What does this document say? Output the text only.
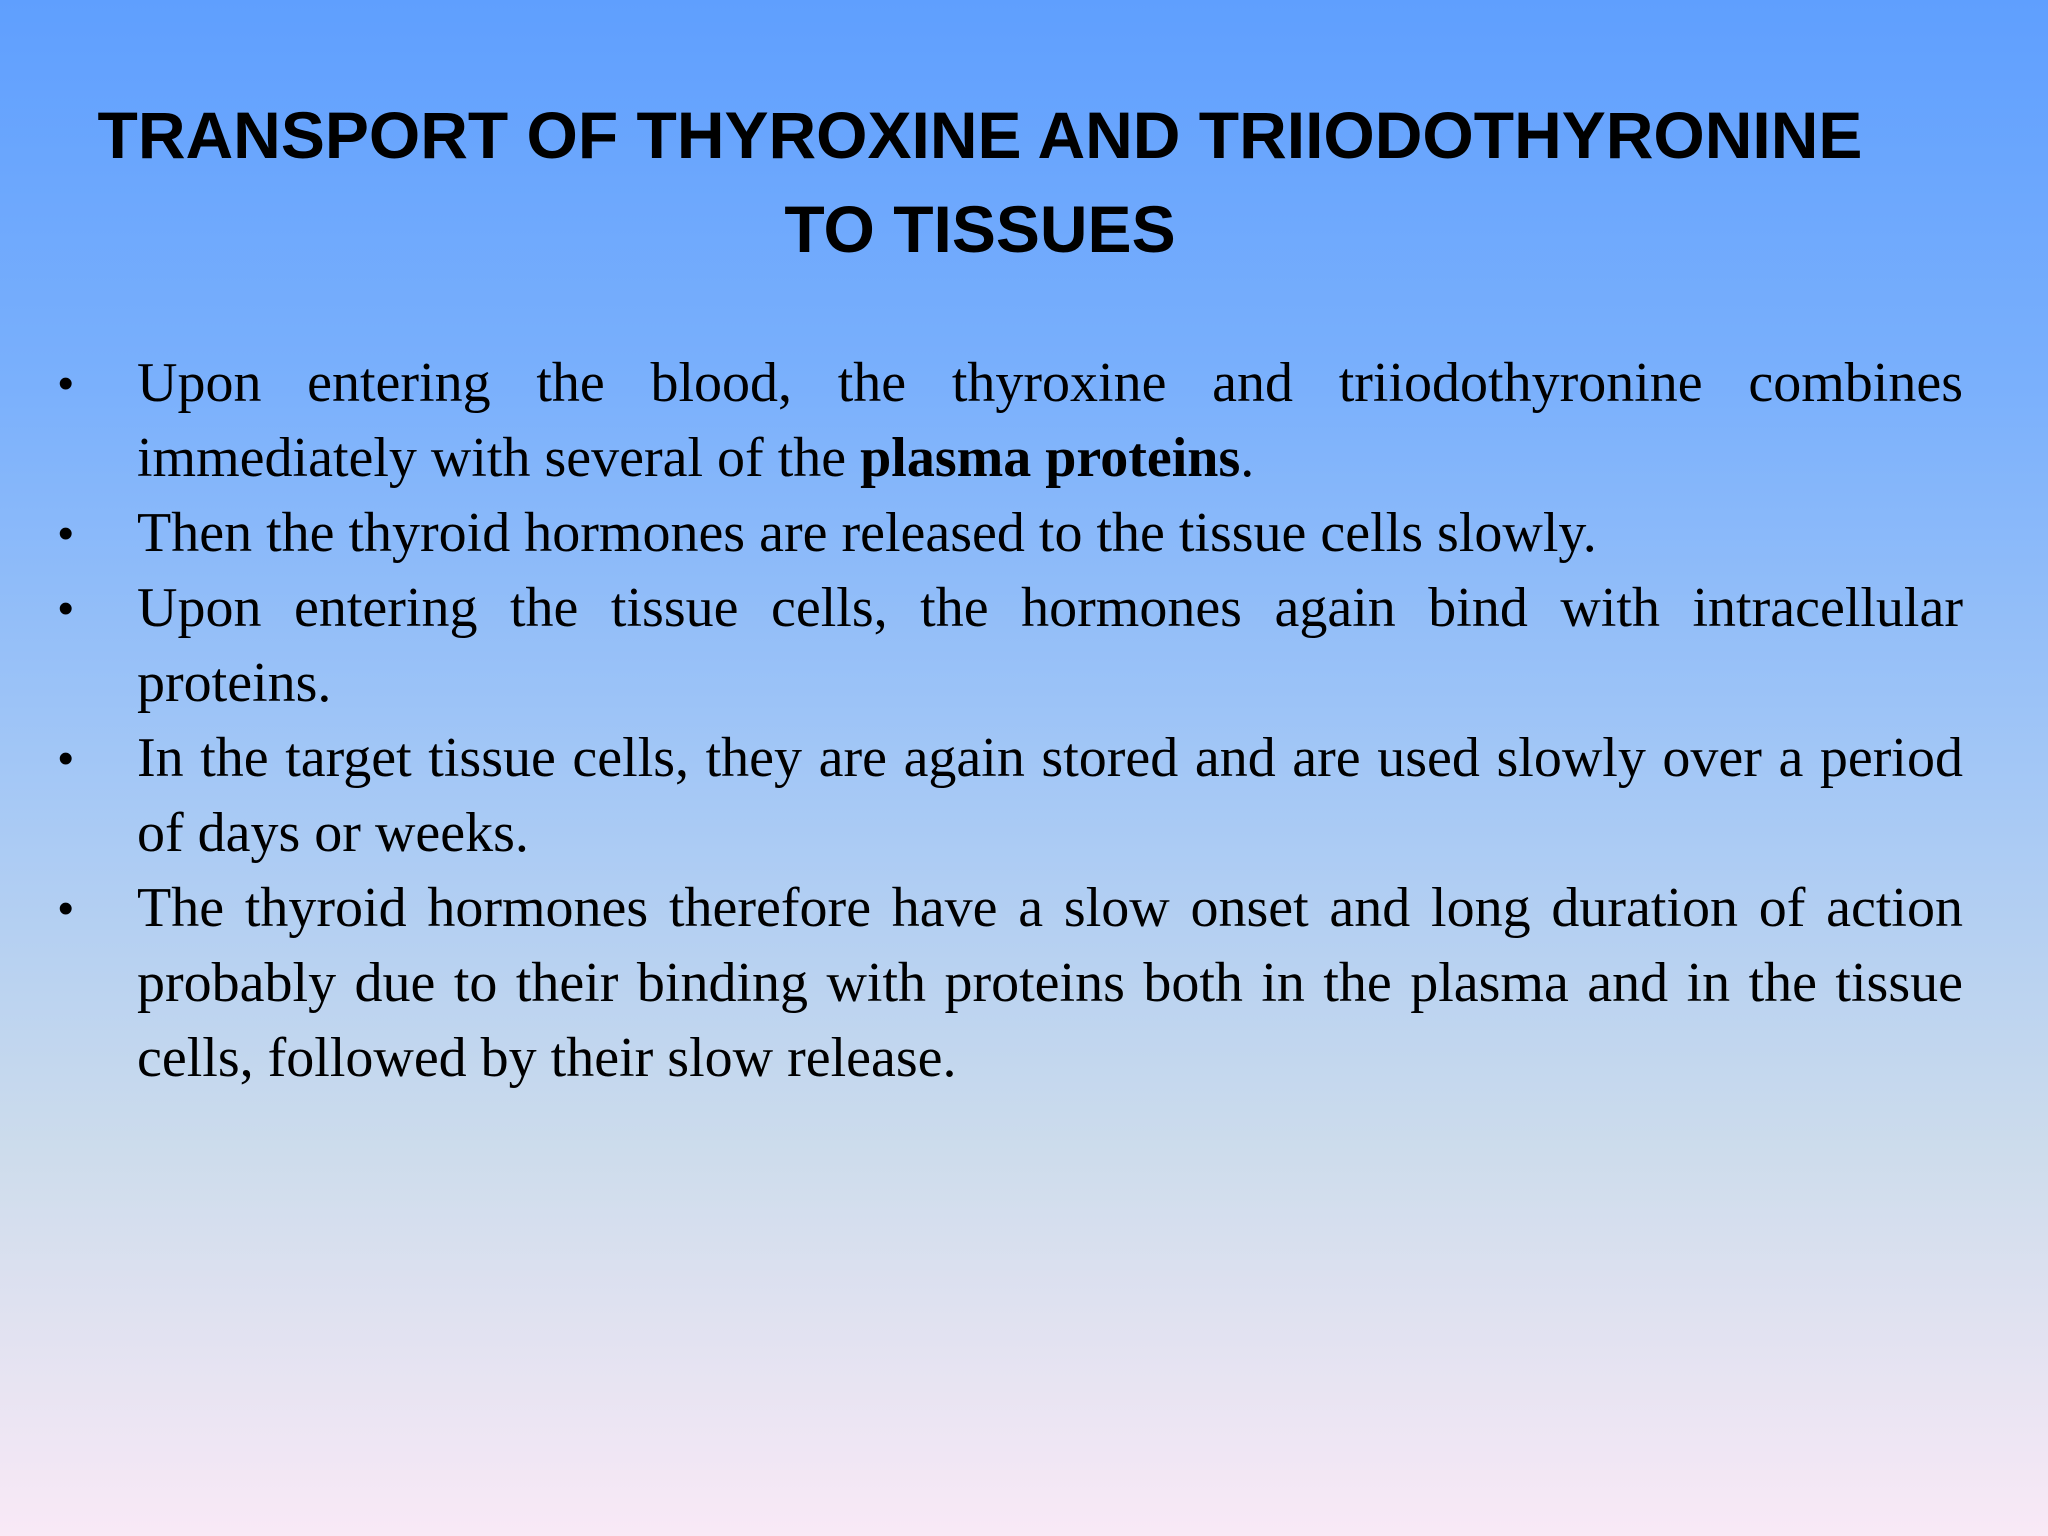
TRANSPORT OF THYROXINE AND TRIIODOTHYRONINE
TO TISSUES
• Upon entering the blood, the thyroxine and triiodothyronine combines immediately with several of the plasma proteins.
• Then the thyroid hormones are released to the tissue cells slowly.
• Upon entering the tissue cells, the hormones again bind with intracellular proteins.
• In the target tissue cells, they are again stored and are used slowly over a period of days or weeks.
• The thyroid hormones therefore have a slow onset and long duration of action probably due to their binding with proteins both in the plasma and in the tissue cells, followed by their slow release.
